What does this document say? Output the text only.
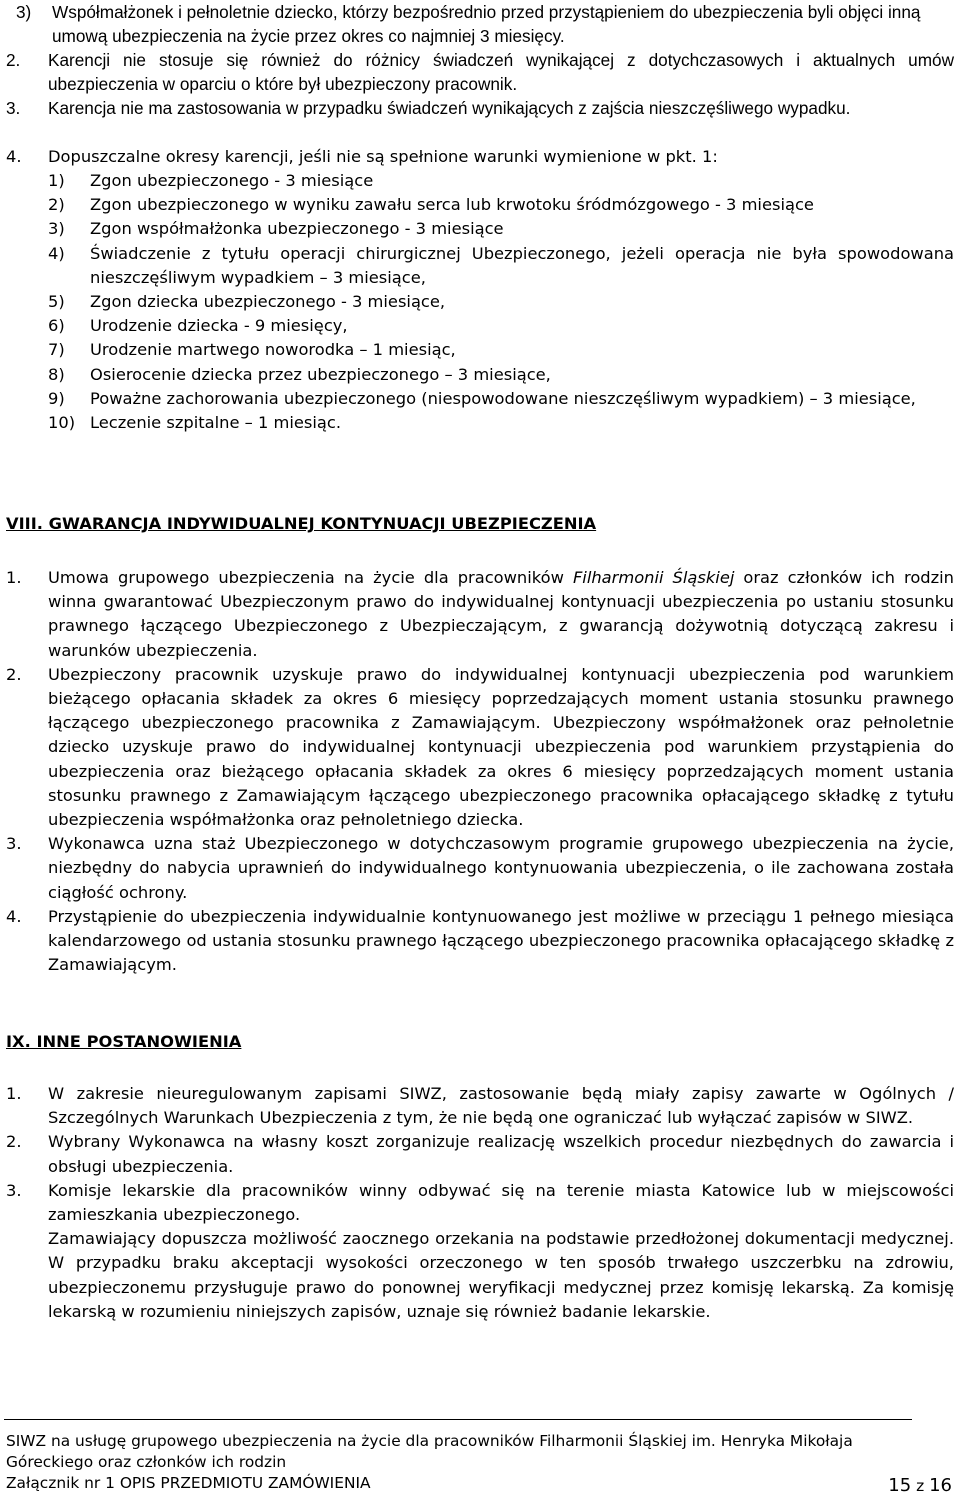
3)	Współmałżonek i pełnoletnie dziecko, którzy bezpośrednio przed przystąpieniem do ubezpieczenia byli objęci inną umową ubezpieczenia na życie przez okres co najmniej 3 miesięcy.
2.	Karencji nie stosuje się również do różnicy świadczeń wynikającej z dotychczasowych i aktualnych umów ubezpieczenia w oparciu o które był ubezpieczony pracownik.
3.	Karencja nie ma zastosowania w przypadku świadczeń wynikających z zajścia nieszczęśliwego wypadku.
4.	Dopuszczalne okresy karencji, jeśli nie są spełnione warunki wymienione w pkt. 1:
1)	Zgon ubezpieczonego - 3 miesiące
2)	Zgon ubezpieczonego w wyniku zawału serca lub krwotoku śródmózgowego - 3 miesiące
3)	Zgon współmałżonka ubezpieczonego - 3 miesiące
4)	Świadczenie z tytułu operacji chirurgicznej Ubezpieczonego, jeżeli operacja nie była spowodowana nieszczęśliwym wypadkiem – 3 miesiące,
5)	Zgon dziecka ubezpieczonego - 3 miesiące,
6)	Urodzenie dziecka - 9 miesięcy,
7)	Urodzenie martwego noworodka – 1 miesiąc,
8)	Osierocenie dziecka przez ubezpieczonego – 3 miesiące,
9)	Poważne zachorowania ubezpieczonego (niespowodowane nieszczęśliwym wypadkiem) – 3 miesiące,
10) Leczenie szpitalne – 1 miesiąc.
VIII. GWARANCJA INDYWIDUALNEJ KONTYNUACJI UBEZPIECZENIA
1.	Umowa grupowego ubezpieczenia na życie dla pracowników Filharmonii Śląskiej oraz członków ich rodzin winna gwarantować Ubezpieczonym prawo do indywidualnej kontynuacji ubezpieczenia po ustaniu stosunku prawnego łączącego Ubezpieczonego z Ubezpieczającym, z gwarancją dożywotnią dotyczącą zakresu i warunków ubezpieczenia.
2.	Ubezpieczony pracownik uzyskuje prawo do indywidualnej kontynuacji ubezpieczenia pod warunkiem bieżącego opłacania składek za okres 6 miesięcy poprzedzających moment ustania stosunku prawnego łączącego ubezpieczonego pracownika z Zamawiającym. Ubezpieczony współmałżonek oraz pełnoletnie dziecko uzyskuje prawo do indywidualnej kontynuacji ubezpieczenia pod warunkiem przystąpienia do ubezpieczenia oraz bieżącego opłacania składek za okres 6 miesięcy poprzedzających moment ustania stosunku prawnego z Zamawiającym łączącego ubezpieczonego pracownika opłacającego składkę z tytułu ubezpieczenia współmałżonka oraz pełnoletniego dziecka.
3.	Wykonawca uzna staż Ubezpieczonego w dotychczasowym programie grupowego ubezpieczenia na życie, niezbędny do nabycia uprawnień do indywidualnego kontynuowania ubezpieczenia, o ile zachowana została ciągłość ochrony.
4.	Przystąpienie do ubezpieczenia indywidualnie kontynuowanego jest możliwe w przeciągu 1 pełnego miesiąca kalendarzowego od ustania stosunku prawnego łączącego ubezpieczonego pracownika opłacającego składkę z Zamawiającym.
IX. INNE POSTANOWIENIA
1.	W zakresie nieuregulowanym zapisami SIWZ, zastosowanie będą miały zapisy zawarte w Ogólnych / Szczególnych Warunkach Ubezpieczenia z tym, że nie będą one ograniczać lub wyłączać zapisów w SIWZ.
2.	Wybrany Wykonawca na własny koszt zorganizuje realizację wszelkich procedur niezbędnych do zawarcia i obsługi ubezpieczenia.
3.	Komisje lekarskie dla pracowników winny odbywać się na terenie miasta Katowice lub w miejscowości zamieszkania ubezpieczonego.
Zamawiający dopuszcza możliwość zaocznego orzekania na podstawie przedłożonej dokumentacji medycznej. W przypadku braku akceptacji wysokości orzeczonego w ten sposób trwałego uszczerbku na zdrowiu, ubezpieczonemu przysługuje prawo do ponownej weryfikacji medycznej przez komisję lekarską. Za komisję lekarską w rozumieniu niniejszych zapisów, uznaje się również badanie lekarskie.
SIWZ na usługę grupowego ubezpieczenia na życie dla pracowników Filharmonii Śląskiej im. Henryka Mikołaja
Góreckiego oraz członków ich rodzin
Załącznik nr 1 OPIS PRZEDMIOTU ZAMÓWIENIA	15 z 16
